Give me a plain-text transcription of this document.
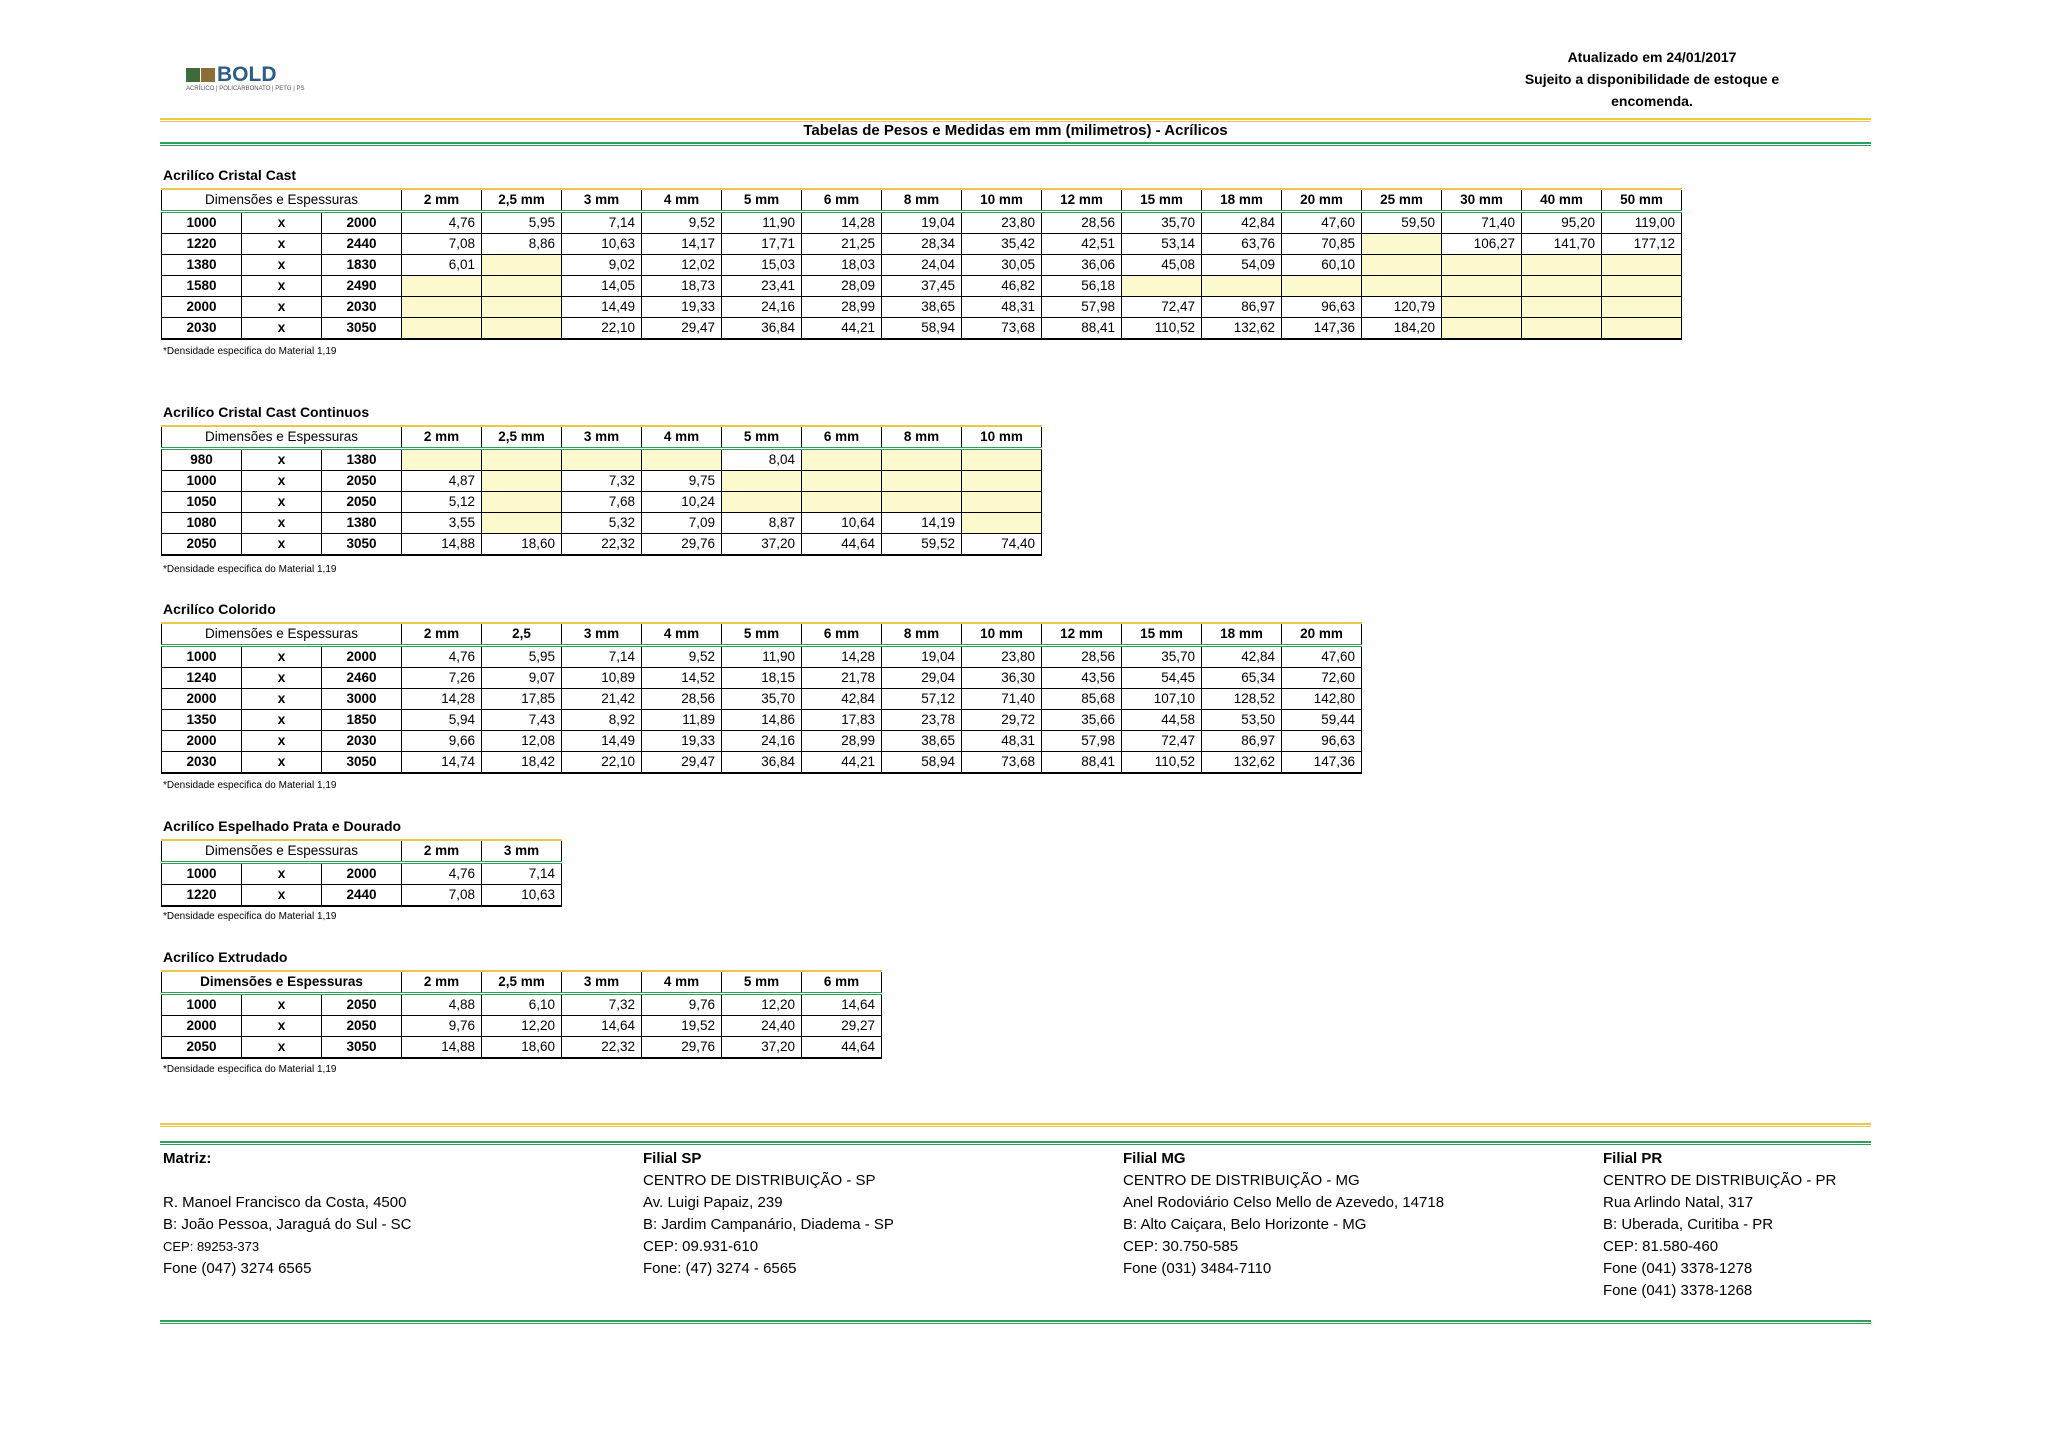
BOLD
ACRÍLICO | POLICARBONATO | PETG | PS
Atualizado em 24/01/2017
Sujeito a disponibilidade de estoque e
encomenda.
Tabelas de Pesos e Medidas em mm (milimetros) - Acrílicos
Acrilíco Cristal Cast
Acrilíco Cristal Cast Continuos
Acrilíco Colorido
Acrilíco Espelhado Prata e Dourado
Acrilíco Extrudado
Dimensões e Espessuras			2 mm	2,5 mm	3 mm	4 mm	5 mm	6 mm	8 mm	10 mm	12 mm	15 mm	18 mm	20 mm	25 mm	30 mm	40 mm	50 mm
1000	x	2000	4,76	5,95	7,14	9,52	11,90	14,28	19,04	23,80	28,56	35,70	42,84	47,60	59,50	71,40	95,20	119,00
1220	x	2440	7,08	8,86	10,63	14,17	17,71	21,25	28,34	35,42	42,51	53,14	63,76	70,85		106,27	141,70	177,12
1380	x	1830	6,01		9,02	12,02	15,03	18,03	24,04	30,05	36,06	45,08	54,09	60,10				
1580	x	2490			14,05	18,73	23,41	28,09	37,45	46,82	56,18							
2000	x	2030			14,49	19,33	24,16	28,99	38,65	48,31	57,98	72,47	86,97	96,63	120,79			
2030	x	3050			22,10	29,47	36,84	44,21	58,94	73,68	88,41	110,52	132,62	147,36	184,20			
Dimensões e Espessuras			2 mm	2,5 mm	3 mm	4 mm	5 mm	6 mm	8 mm	10 mm
980	x	1380					8,04			
1000	x	2050	4,87		7,32	9,75				
1050	x	2050	5,12		7,68	10,24				
1080	x	1380	3,55		5,32	7,09	8,87	10,64	14,19	
2050	x	3050	14,88	18,60	22,32	29,76	37,20	44,64	59,52	74,40
Dimensões e Espessuras			2 mm	2,5	3 mm	4 mm	5 mm	6 mm	8 mm	10 mm	12 mm	15 mm	18 mm	20 mm
1000	x	2000	4,76	5,95	7,14	9,52	11,90	14,28	19,04	23,80	28,56	35,70	42,84	47,60
1240	x	2460	7,26	9,07	10,89	14,52	18,15	21,78	29,04	36,30	43,56	54,45	65,34	72,60
2000	x	3000	14,28	17,85	21,42	28,56	35,70	42,84	57,12	71,40	85,68	107,10	128,52	142,80
1350	x	1850	5,94	7,43	8,92	11,89	14,86	17,83	23,78	29,72	35,66	44,58	53,50	59,44
2000	x	2030	9,66	12,08	14,49	19,33	24,16	28,99	38,65	48,31	57,98	72,47	86,97	96,63
2030	x	3050	14,74	18,42	22,10	29,47	36,84	44,21	58,94	73,68	88,41	110,52	132,62	147,36
Dimensões e Espessuras			2 mm	3 mm
1000	x	2000	4,76	7,14
1220	x	2440	7,08	10,63
Dimensões e Espessuras			2 mm	2,5 mm	3 mm	4 mm	5 mm	6 mm
1000	x	2050	4,88	6,10	7,32	9,76	12,20	14,64
2000	x	2050	9,76	12,20	14,64	19,52	24,40	29,27
2050	x	3050	14,88	18,60	22,32	29,76	37,20	44,64
*Densidade especifica do Material 1,19
*Densidade especifica do Material 1,19
*Densidade especifica do Material 1,19
*Densidade especifica do Material 1,19
*Densidade especifica do Material 1,19
Matriz:
R. Manoel Francisco da Costa, 4500
B: João Pessoa, Jaraguá do Sul - SC
CEP: 89253-373
Fone (047) 3274 6565
Filial SP
CENTRO DE DISTRIBUIÇÃO - SP
Av. Luigi Papaiz, 239
B: Jardim Campanário, Diadema - SP
CEP: 09.931-610
Fone: (47) 3274 - 6565
Filial MG
CENTRO DE DISTRIBUIÇÃO - MG
Anel Rodoviário Celso Mello de Azevedo, 14718
B: Alto Caiçara, Belo Horizonte - MG
CEP: 30.750-585
Fone (031) 3484-7110
Filial PR
CENTRO DE DISTRIBUIÇÃO - PR
Rua Arlindo Natal, 317
B: Uberada, Curitiba - PR
CEP: 81.580-460
Fone (041) 3378-1278
Fone (041) 3378-1268
